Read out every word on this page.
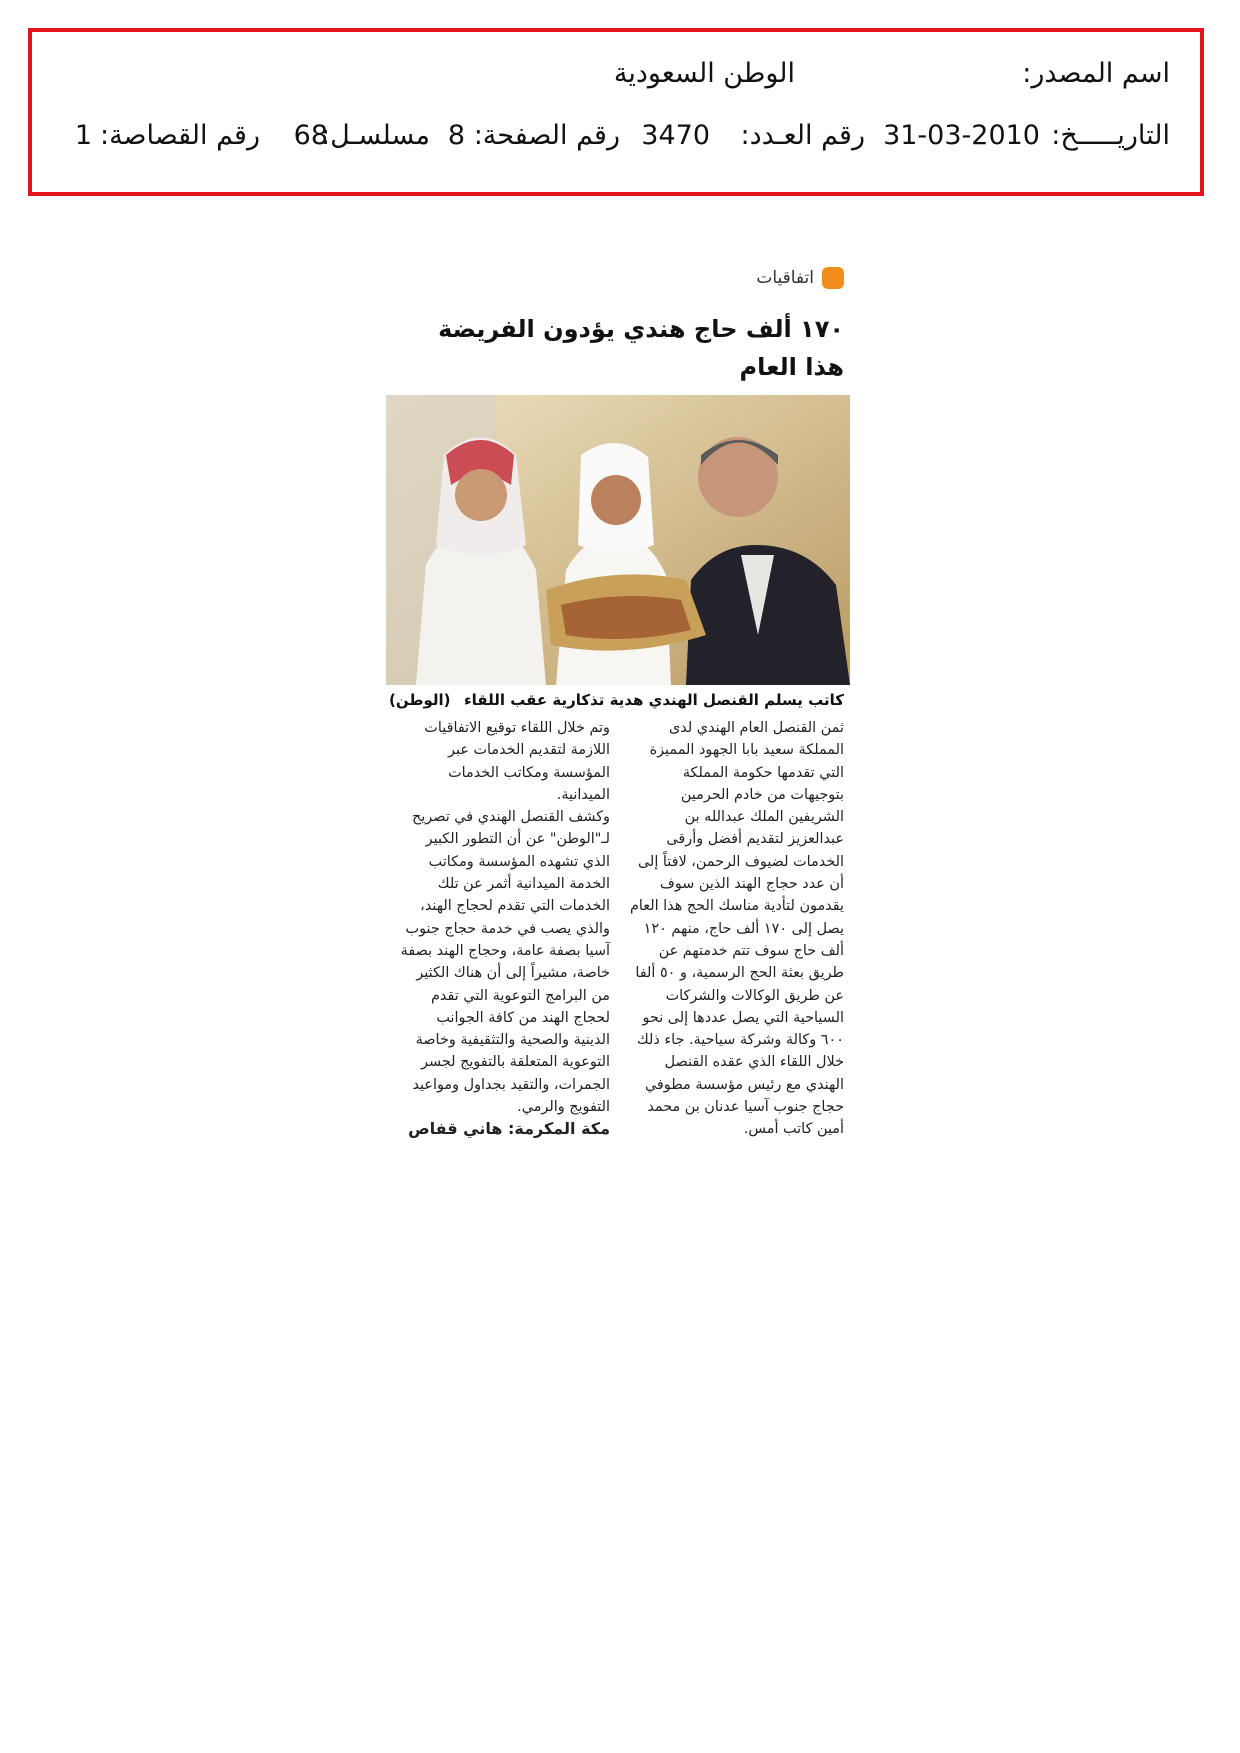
اسم المصدر:
الوطن السعودية
التاريـــــخ:
31-03-2010
رقم العـدد:
3470
رقم الصفحة:
8
مسلسـل:
68
رقم القصاصة:
1
اتفاقيات
١٧٠ ألف حاج هندي يؤدون الفريضة هذا العام
كاتب يسلم القنصل الهندي هدية تذكارية عقب اللقاء
(الوطن)

ثمن القنصل العام الهندي لدى المملكة سعيد بابا الجهود المميزة التي تقدمها حكومة المملكة بتوجيهات من خادم الحرمين الشريفين الملك عبدالله بن عبدالعزيز لتقديم أفضل وأرقى الخدمات لضيوف الرحمن، لافتاً إلى أن عدد حجاج الهند الذين سوف يقدمون لتأدية مناسك الحج هذا العام يصل إلى ١٧٠ ألف حاج، منهم ١٢٠ ألف حاج سوف تتم خدمتهم عن طريق بعثة الحج الرسمية، و ٥٠ ألفا عن طريق الوكالات والشركات السياحية التي يصل عددها إلى نحو ٦٠٠ وكالة وشركة سياحية. جاء ذلك خلال اللقاء الذي عقده القنصل الهندي مع رئيس مؤسسة مطوفي حجاج جنوب آسيا عدنان بن محمد أمين كاتب أمس.

وتم خلال اللقاء توقيع الاتفاقيات اللازمة لتقديم الخدمات عبر المؤسسة ومكاتب الخدمات الميدانية.

وكشف القنصل الهندي في تصريح لـ"الوطن" عن أن التطور الكبير الذي تشهده المؤسسة ومكاتب الخدمة الميدانية أثمر عن تلك الخدمات التي تقدم لحجاج الهند، والذي يصب في خدمة حجاج جنوب آسيا بصفة عامة، وحجاج الهند بصفة خاصة، مشيراً إلى أن هناك الكثير من البرامج التوعوية التي تقدم لحجاج الهند من كافة الجوانب الدينية والصحية والتثقيفية وخاصة التوعوية المتعلقة بالتفويج لجسر الجمرات، والتقيد بجداول ومواعيد التفويج والرمي.

مكة المكرمة: هاني قفاص
